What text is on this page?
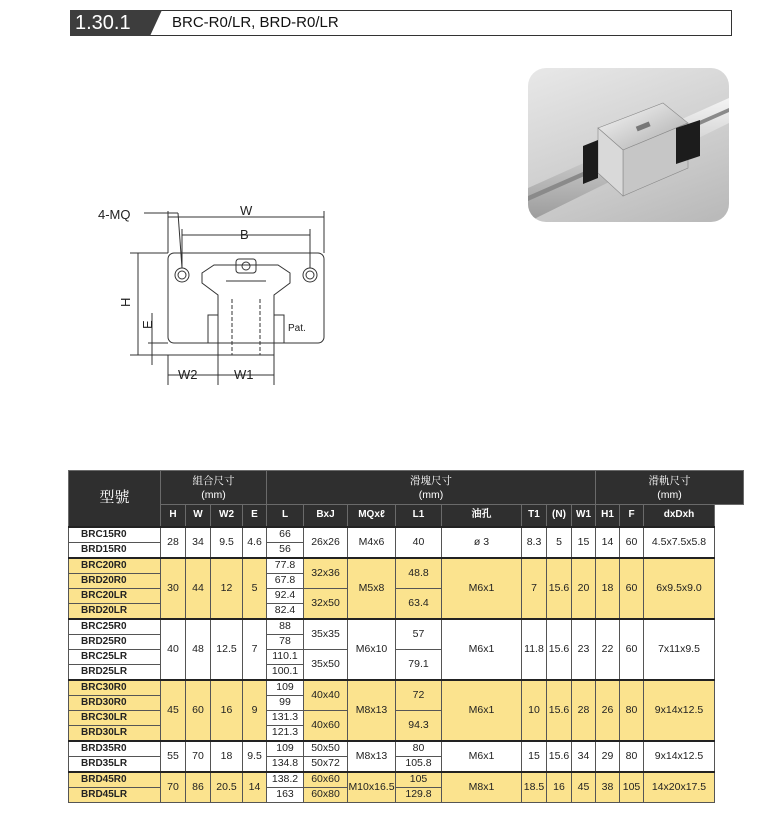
1.30.1	BRC-R0/LR, BRD-R0/LR
4-MQ	W
B
H
E
W2	W1
Pat.
型號	組合尺寸
(mm)				滑塊尺寸
(mm)								滑軌尺寸
(mm)		
	H	W	W2	E	L	BxJ	MQxℓ	L1	油孔	T1	(N)	W1	H1	F	dxDxh
BRC15R0	28	34	9.5	4.6	66	26x26	M4x6	40	ø 3	8.3	5	15	14	60	4.5x7.5x5.8
BRD15R0					56										
BRC20R0	30	44	12	5	77.8	32x36	M5x8	48.8	M6x1	7	15.6	20	18	60	6x9.5x9.0
BRD20R0					67.8										
BRC20LR					92.4	32x50		63.4							
BRD20LR					82.4										
BRC25R0	40	48	12.5	7	88	35x35	M6x10	57	M6x1	11.8	15.6	23	22	60	7x11x9.5
BRD25R0					78										
BRC25LR					110.1	35x50		79.1							
BRD25LR					100.1										
BRC30R0	45	60	16	9	109	40x40	M8x13	72	M6x1	10	15.6	28	26	80	9x14x12.5
BRD30R0					99										
BRC30LR					131.3	40x60		94.3							
BRD30LR					121.3										
BRD35R0	55	70	18	9.5	109	50x50	M8x13	80	M6x1	15	15.6	34	29	80	9x14x12.5
BRD35LR					134.8	50x72		105.8							
BRD45R0	70	86	20.5	14	138.2	60x60	M10x16.5	105	M8x1	18.5	16	45	38	105	14x20x17.5
BRD45LR					163	60x80		129.8							
